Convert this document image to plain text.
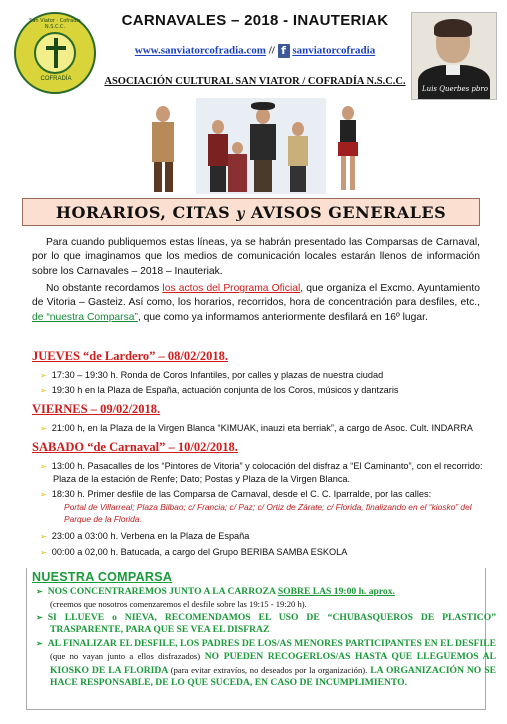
San Viator · Cofradía N.S.C.C.
COFRADÍA
CARNAVALES – 2018 - INAUTERIAK
www.sanviatorcofradia.com // f sanviatorcofradia
ASOCIACIÓN CULTURAL SAN VIATOR / COFRADÍA N.S.C.C.
Luis Querbes pbro
HORARIOS, CITAS y AVISOS GENERALES
Para cuando publiquemos estas líneas, ya se habrán presentado las Comparsas de Carnaval, por lo que imaginamos que los medios de comunicación locales estarán llenos de información sobre los Carnavales – 2018 – Inauteriak.
No obstante recordamos los actos del Programa Oficial, que organiza el Excmo. Ayuntamiento de Vitoria – Gasteiz. Así como, los horarios, recorridos, hora de concentración para desfiles, etc., de “nuestra Comparsa”, que como ya informamos anteriormente desfilará en 16º lugar.
JUEVES “de Lardero” – 08/02/2018.
➢ 17:30 – 19:30 h. Ronda de Coros Infantiles, por calles y plazas de nuestra ciudad
➢ 19:30 h en la Plaza de España, actuación conjunta de los Coros, músicos y dantzaris
VIERNES – 09/02/2018.
➢ 21:00 h, en la Plaza de la Virgen Blanca “KIMUAK, inauzi eta berriak”, a cargo de Asoc. Cult. INDARRA
SABADO “de Carnaval” – 10/02/2018.
➢ 13:00 h. Pasacalles de los “Pintores de Vitoria” y colocación del disfraz a “El Caminanto”, con el recorrido: Plaza de la estación de Renfe; Dato; Postas y Plaza de la Virgen Blanca.
➢ 18:30 h. Primer desfile de las Comparsa de Carnaval, desde el C. C. Iparralde, por las calles:
Portal de Villarreal; Plaza Bilbao; c/ Francia; c/ Paz; c/ Ortiz de Zárate; c/ Florida, finalizando en el “kiosko” del Parque de la Florida.
➢ 23:00 a 03:00 h. Verbena en la Plaza de España
➢ 00:00 a 02,00 h. Batucada, a cargo del Grupo BERIBA SAMBA ESKOLA
NUESTRA COMPARSA
➢ NOS CONCENTRAREMOS JUNTO A LA CARROZA SOBRE LAS 19:00 h. aprox.
(creemos que nosotros comenzaremos el desfile sobre las 19:15 - 19:20 h).
➢ SI LLUEVE o NIEVA, RECOMENDAMOS EL USO DE “CHUBASQUEROS DE PLASTICO” TRASPARENTE, PARA QUE SE VEA EL DISFRAZ
➢ AL FINALIZAR EL DESFILE, LOS PADRES DE LOS/AS MENORES PARTICIPANTES EN EL DESFILE (que no vayan junto a ellos disfrazados) NO PUEDEN RECOGERLOS/AS HASTA QUE LLEGUEMOS AL KIOSKO DE LA FLORIDA (para evitar extravíos, no deseados por la organización). LA ORGANIZACIÓN NO SE HACE RESPONSABLE, DE LO QUE SUCEDA, EN CASO DE INCUMPLIMIENTO.
